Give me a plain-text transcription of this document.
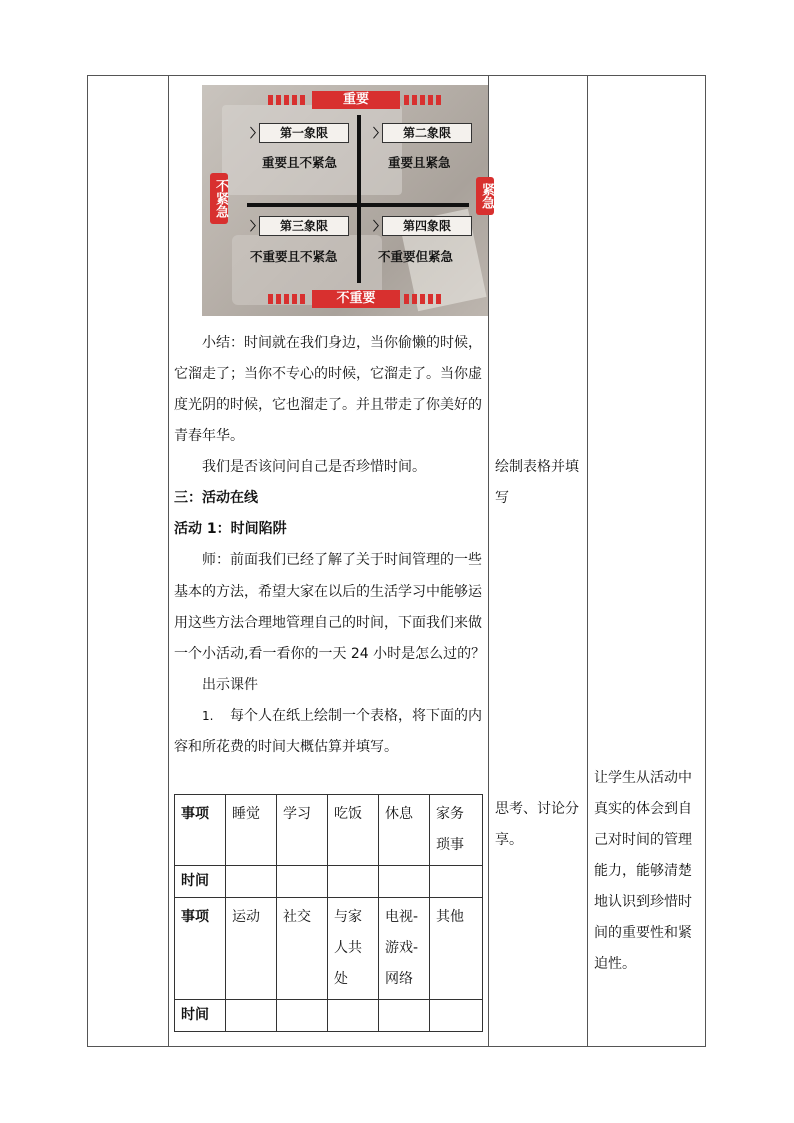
重要
不重要
不紧急	紧急
〉 第一象限
重要且不紧急
〉 第二象限
重要且紧急
〉 第三象限
不重要且不紧急
〉 第四象限
不重要但紧急
小结：时间就在我们身边，当你偷懒的时候，
它溜走了；当你不专心的时候，它溜走了。当你虚
度光阴的时候，它也溜走了。并且带走了你美好的
青春年华。
我们是否该问问自己是否珍惜时间。
三：活动在线
活动 1：时间陷阱
师：前面我们已经了解了关于时间管理的一些
基本的方法，希望大家在以后的生活学习中能够运
用这些方法合理地管理自己的时间，下面我们来做
一个小活动,看一看你的一天 24 小时是怎么过的？
出示课件
1. 每个人在纸上绘制一个表格，将下面的内
容和所花费的时间大概估算并填写。
事项	睡觉	学习	吃饭	休息	家务琐事
时间					
事项	运动	社交	与家人共处	电视-游戏-网络	其他
时间					
绘制表格并填
写
思考、讨论分
享。
让学生从活动中
真实的体会到自
己对时间的管理
能力，能够清楚
地认识到珍惜时
间的重要性和紧
迫性。
